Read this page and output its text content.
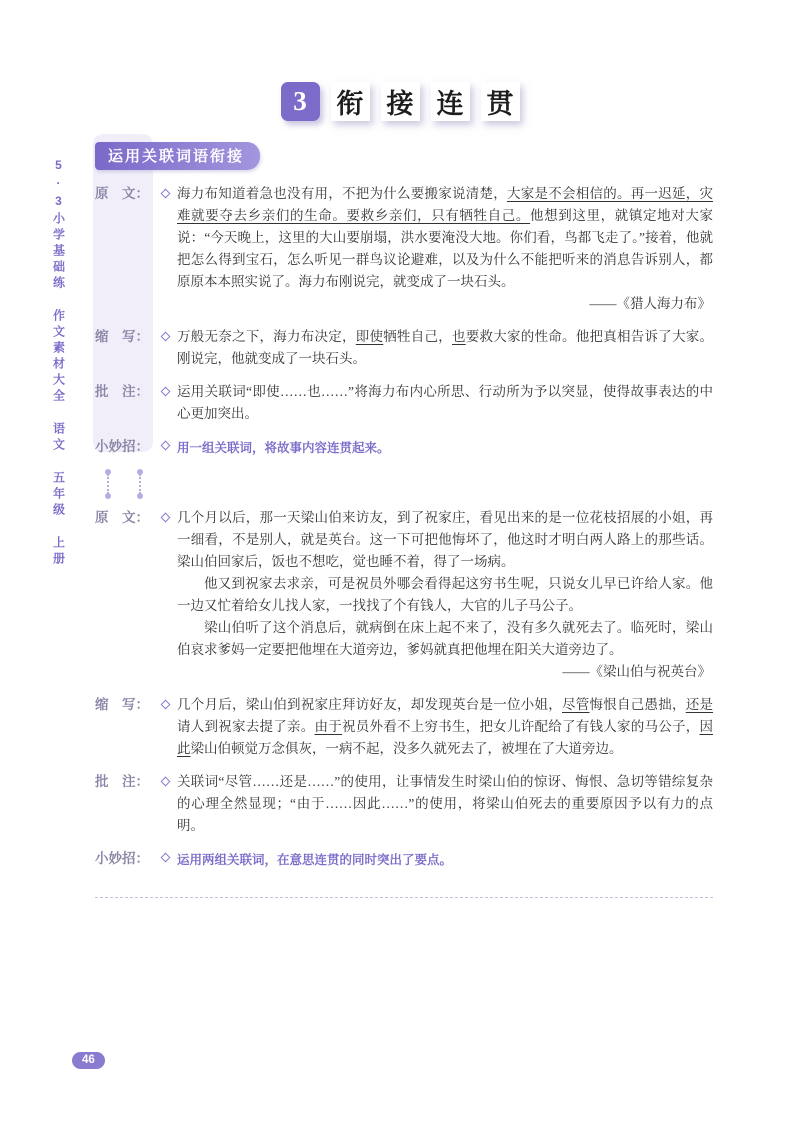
3	衔 接 连 贯
5·3小学基础练
作文素材大全
语文
五年级
上册
运用关联词语衔接
原　文：	海力布知道着急也没有用，不把为什么要搬家说清楚，大家是不会相信的。再一迟延，灾难就要夺去乡亲们的生命。要救乡亲们，只有牺牲自己。他想到这里，就镇定地对大家说：“今天晚上，这里的大山要崩塌，洪水要淹没大地。你们看，鸟都飞走了。”接着，他就把怎么得到宝石，怎么听见一群鸟议论避难，以及为什么不能把听来的消息告诉别人，都原原本本照实说了。海力布刚说完，就变成了一块石头。

——《猎人海力布》
缩　写：	万般无奈之下，海力布决定，即使牺牲自己，也要救大家的性命。他把真相告诉了大家。刚说完，他就变成了一块石头。

批　注：	运用关联词“即使……也……”将海力布内心所思、行动所为予以突显，使得故事表达的中心更加突出。

小妙招：	用一组关联词，将故事内容连贯起来。

原　文：	几个月以后，那一天梁山伯来访友，到了祝家庄，看见出来的是一位花枝招展的小姐，再一细看，不是别人，就是英台。这一下可把他悔坏了，他这时才明白两人路上的那些话。梁山伯回家后，饭也不想吃，觉也睡不着，得了一场病。

他又到祝家去求亲，可是祝员外哪会看得起这穷书生呢，只说女儿早已许给人家。他一边又忙着给女儿找人家，一找找了个有钱人，大官的儿子马公子。

梁山伯听了这个消息后，就病倒在床上起不来了，没有多久就死去了。临死时，梁山伯哀求爹妈一定要把他埋在大道旁边，爹妈就真把他埋在阳关大道旁边了。

——《梁山伯与祝英台》
缩　写：	几个月后，梁山伯到祝家庄拜访好友，却发现英台是一位小姐，尽管悔恨自己愚拙，还是请人到祝家去提了亲。由于祝员外看不上穷书生，把女儿许配给了有钱人家的马公子，因此梁山伯顿觉万念俱灰，一病不起，没多久就死去了，被埋在了大道旁边。

批　注：	关联词“尽管……还是……”的使用，让事情发生时梁山伯的惊讶、悔恨、急切等错综复杂的心理全然显现；“由于……因此……”的使用，将梁山伯死去的重要原因予以有力的点明。

小妙招：	运用两组关联词，在意思连贯的同时突出了要点。

46
